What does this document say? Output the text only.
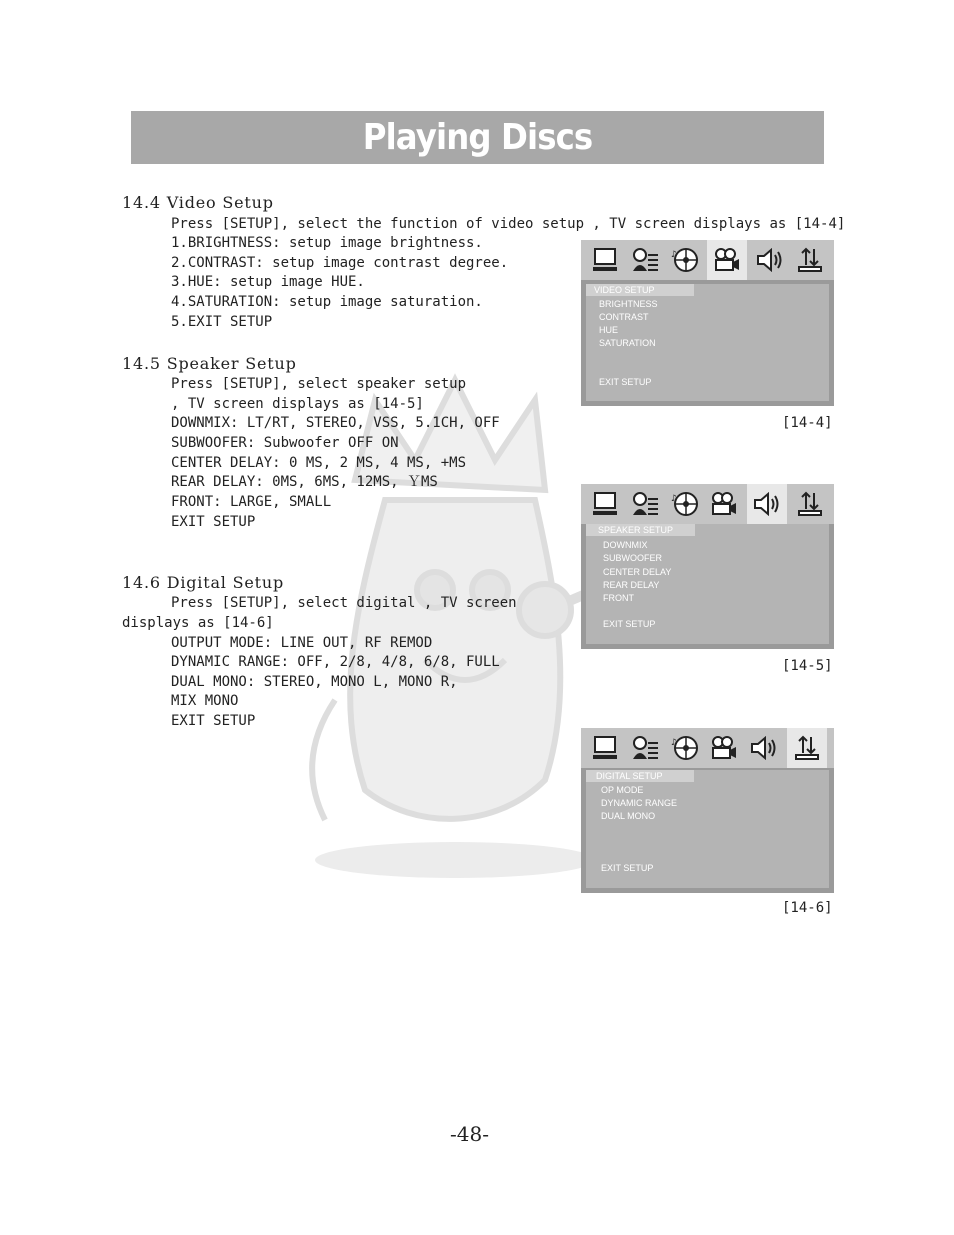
Playing Discs
14.4 Video Setup
Press [SETUP], select the function of video setup , TV screen displays as [14-4]
1.BRIGHTNESS: setup image brightness.
2.CONTRAST: setup image contrast degree.
3.HUE: setup image HUE.
4.SATURATION: setup image saturation.
5.EXIT SETUP
14.5 Speaker Setup
Press [SETUP], select speaker setup
, TV screen displays as [14-5]
DOWNMIX: LT/RT, STEREO, VSS, 5.1CH, OFF
SUBWOOFER: Subwoofer OFF ON
CENTER DELAY: 0 MS, 2 MS, 4 MS, +MS
REAR DELAY: 0MS, 6MS, 12MS, ＹMS
FRONT: LARGE, SMALL
EXIT SETUP
14.6 Digital Setup
Press [SETUP], select digital , TV screen
displays as [14-6]
OUTPUT MODE: LINE OUT, RF REMOD
DYNAMIC RANGE: OFF, 2/8, 4/8, 6/8, FULL
DUAL MONO: STEREO, MONO L, MONO R,
MIX MONO
EXIT SETUP
♪
VIDEO SETUP
BRIGHTNESS
CONTRAST
HUE
SATURATION
EXIT SETUP
[14-4]
♪
SPEAKER SETUP
DOWNMIX
SUBWOOFER
CENTER DELAY
REAR DELAY
FRONT
EXIT SETUP
[14-5]
♪
DIGITAL SETUP
OP MODE
DYNAMIC RANGE
DUAL MONO
EXIT SETUP
[14-6]
-48-
